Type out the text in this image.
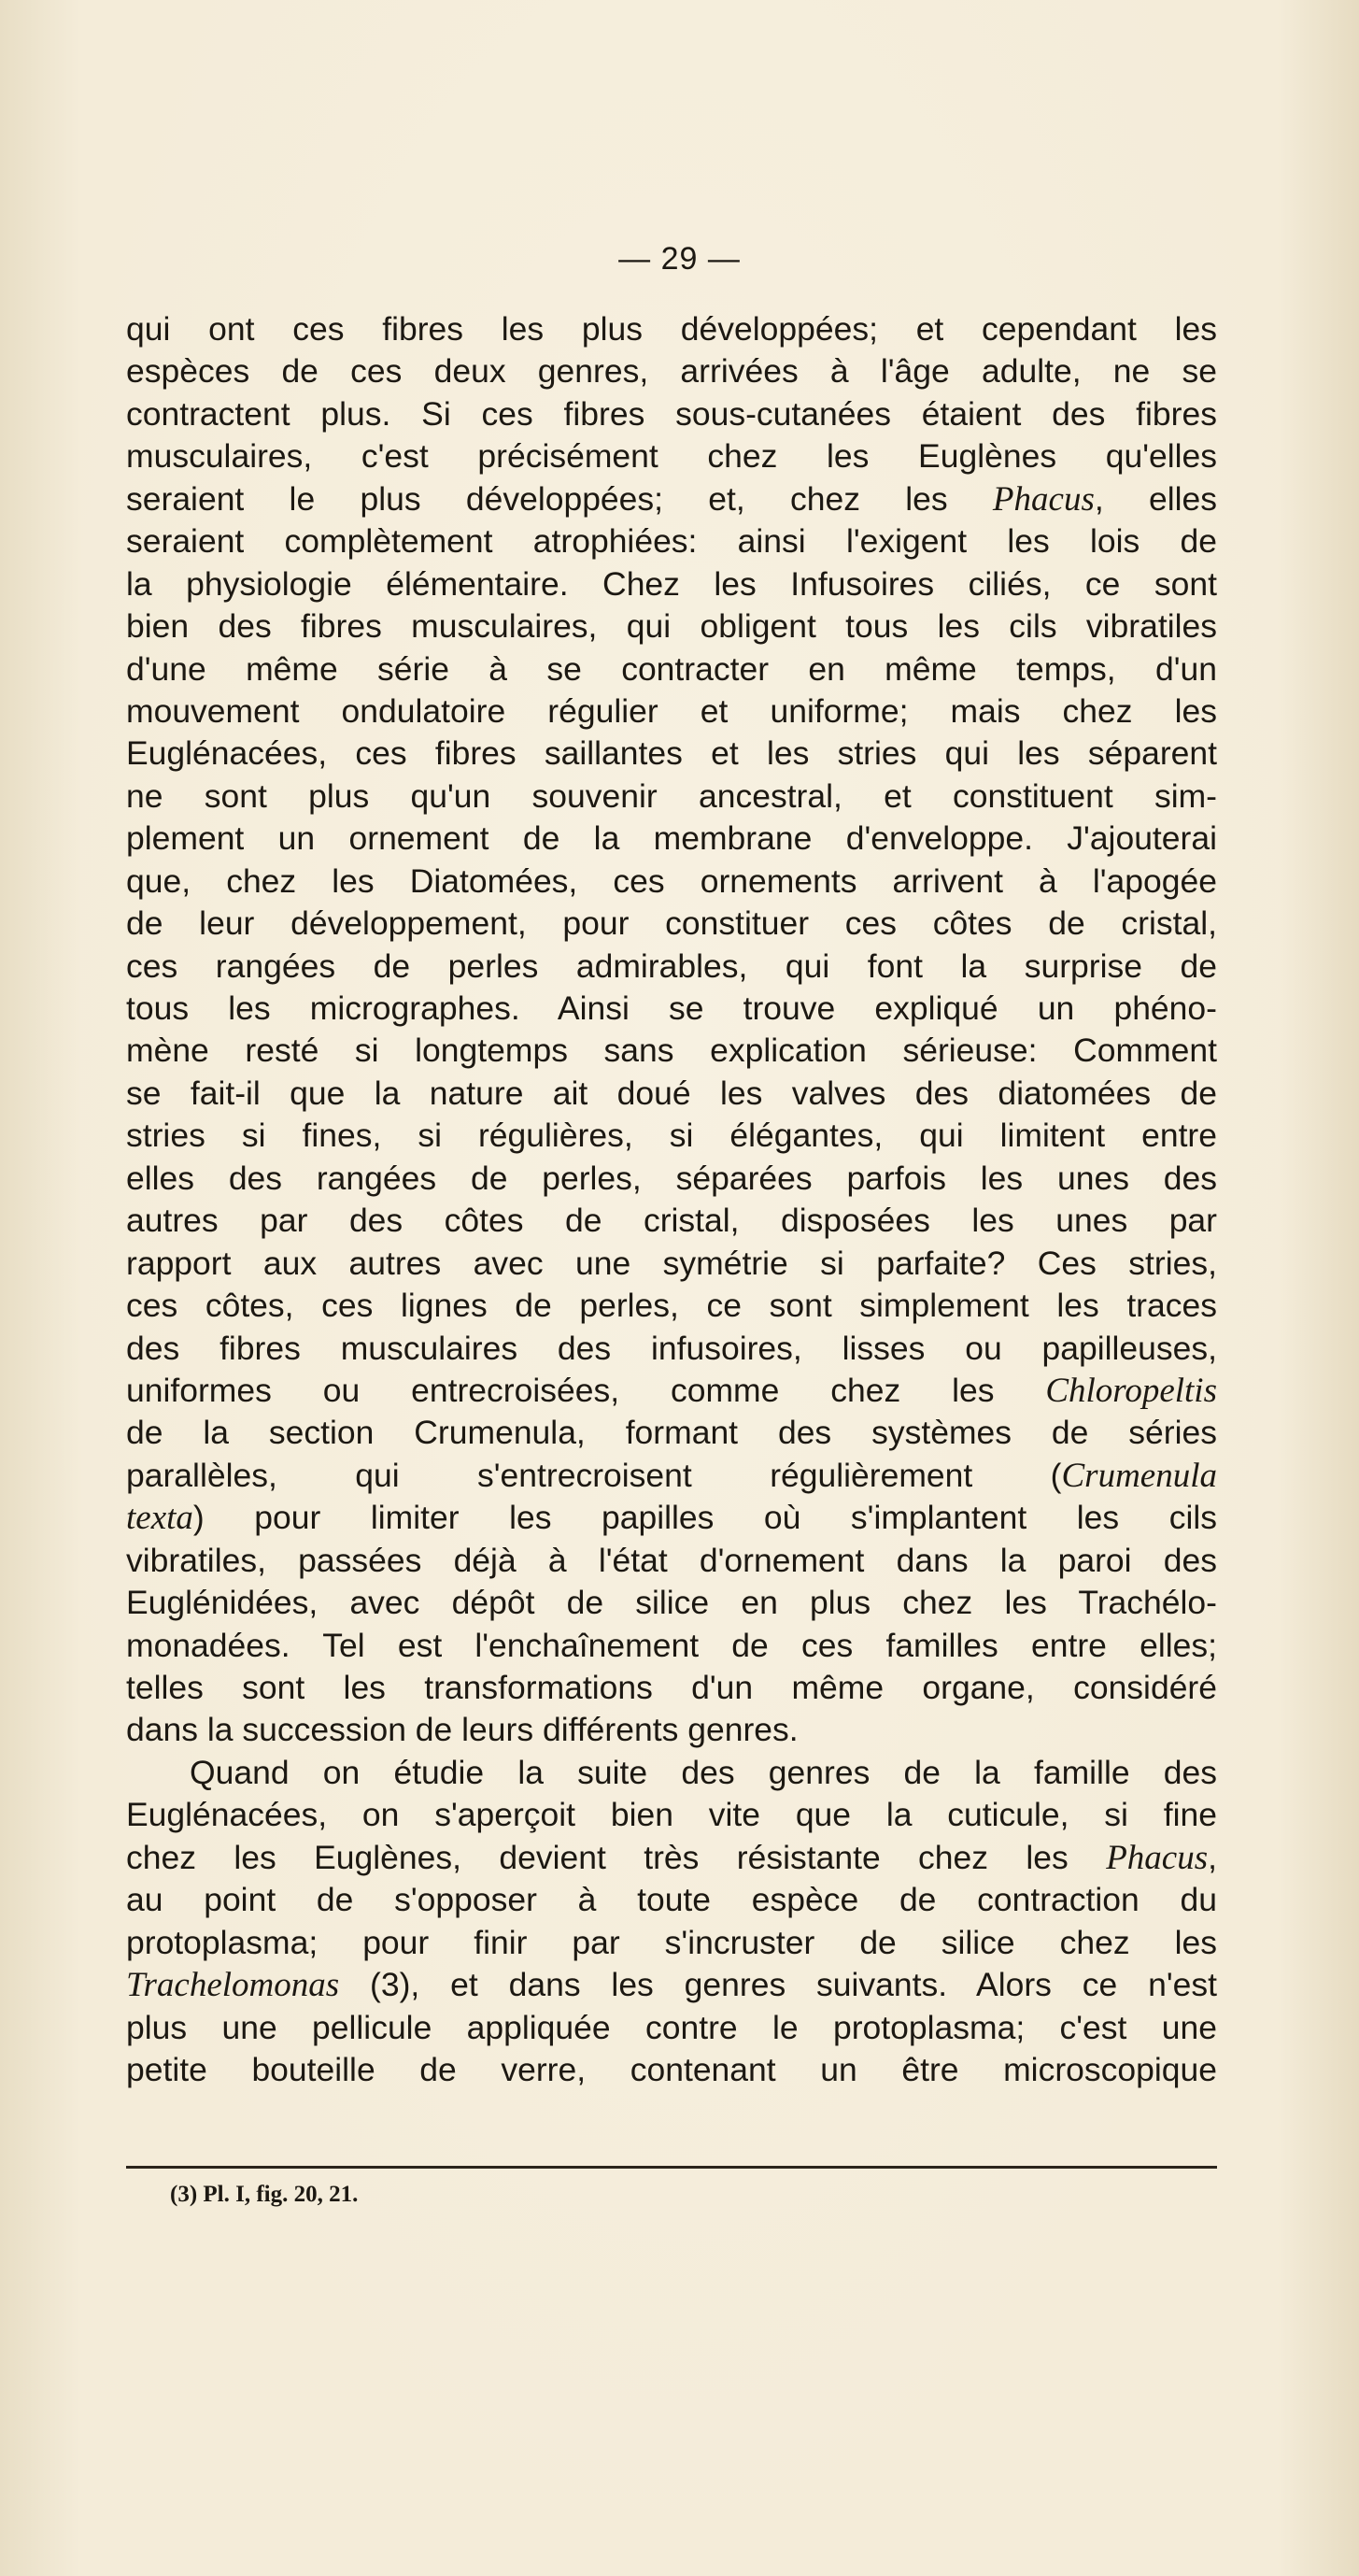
— 29 —
qui ont ces fibres les plus développées; et cependant les
espèces de ces deux genres, arrivées à l'âge adulte, ne se
contractent plus. Si ces fibres sous-cutanées étaient des fibres
musculaires, c'est précisément chez les Euglènes qu'elles
seraient le plus développées; et, chez les Phacus, elles
seraient complètement atrophiées: ainsi l'exigent les lois de
la physiologie élémentaire. Chez les Infusoires ciliés, ce sont
bien des fibres musculaires, qui obligent tous les cils vibratiles
d'une même série à se contracter en même temps, d'un
mouvement ondulatoire régulier et uniforme; mais chez les
Euglénacées, ces fibres saillantes et les stries qui les séparent
ne sont plus qu'un souvenir ancestral, et constituent sim-
plement un ornement de la membrane d'enveloppe. J'ajouterai
que, chez les Diatomées, ces ornements arrivent à l'apogée
de leur développement, pour constituer ces côtes de cristal,
ces rangées de perles admirables, qui font la surprise de
tous les micrographes. Ainsi se trouve expliqué un phéno-
mène resté si longtemps sans explication sérieuse: Comment
se fait-il que la nature ait doué les valves des diatomées de
stries si fines, si régulières, si élégantes, qui limitent entre
elles des rangées de perles, séparées parfois les unes des
autres par des côtes de cristal, disposées les unes par
rapport aux autres avec une symétrie si parfaite? Ces stries,
ces côtes, ces lignes de perles, ce sont simplement les traces
des fibres musculaires des infusoires, lisses ou papilleuses,
uniformes ou entrecroisées, comme chez les Chloropeltis
de la section Crumenula, formant des systèmes de séries
parallèles, qui s'entrecroisent régulièrement (Crumenula
texta) pour limiter les papilles où s'implantent les cils
vibratiles, passées déjà à l'état d'ornement dans la paroi des
Euglénidées, avec dépôt de silice en plus chez les Trachélo-
monadées. Tel est l'enchaînement de ces familles entre elles;
telles sont les transformations d'un même organe, considéré
dans la succession de leurs différents genres.
Quand on étudie la suite des genres de la famille des
Euglénacées, on s'aperçoit bien vite que la cuticule, si fine
chez les Euglènes, devient très résistante chez les Phacus,
au point de s'opposer à toute espèce de contraction du
protoplasma; pour finir par s'incruster de silice chez les
Trachelomonas (3), et dans les genres suivants. Alors ce n'est
plus une pellicule appliquée contre le protoplasma; c'est une
petite bouteille de verre, contenant un être microscopique
(3) Pl. I, fig. 20, 21.
